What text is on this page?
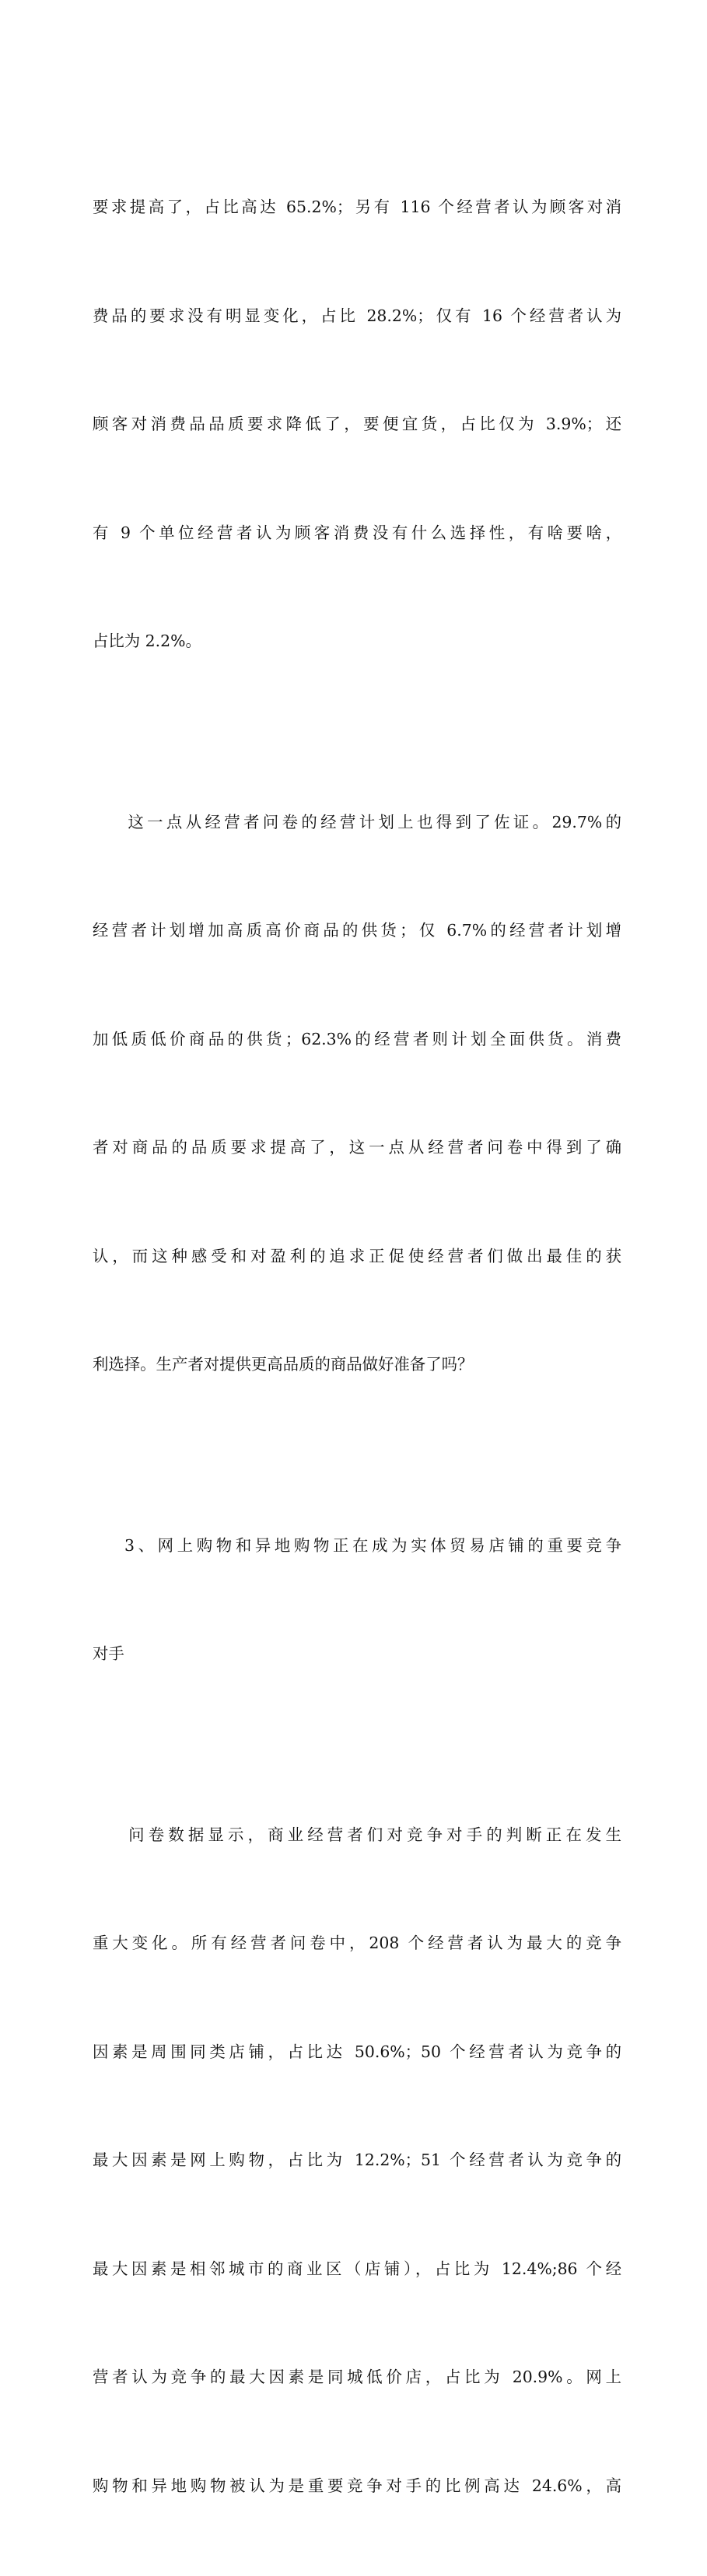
要求提高了，占比高达 65.2%；另有 116 个经营者认为顾客对消

费品的要求没有明显变化，占比 28.2%；仅有 16 个经营者认为

顾客对消费品品质要求降低了，要便宜货，占比仅为 3.9%；还

有 9 个单位经营者认为顾客消费没有什么选择性，有啥要啥，

占比为 2.2%。

这一点从经营者问卷的经营计划上也得到了佐证。29.7%的

经营者计划增加高质高价商品的供货；仅 6.7%的经营者计划增

加低质低价商品的供货；62.3%的经营者则计划全面供货。消费

者对商品的品质要求提高了，这一点从经营者问卷中得到了确

认，而这种感受和对盈利的追求正促使经营者们做出最佳的获

利选择。生产者对提供更高品质的商品做好准备了吗？

3、网上购物和异地购物正在成为实体贸易店铺的重要竞争

对手

问卷数据显示，商业经营者们对竞争对手的判断正在发生

重大变化。所有经营者问卷中，208 个经营者认为最大的竞争

因素是周围同类店铺，占比达 50.6%；50 个经营者认为竞争的

最大因素是网上购物，占比为 12.2%；51 个经营者认为竞争的

最大因素是相邻城市的商业区（店铺），占比为 12.4%;86 个经

营者认为竞争的最大因素是同城低价店，占比为 20.9%。网上

购物和异地购物被认为是重要竞争对手的比例高达 24.6%，高
